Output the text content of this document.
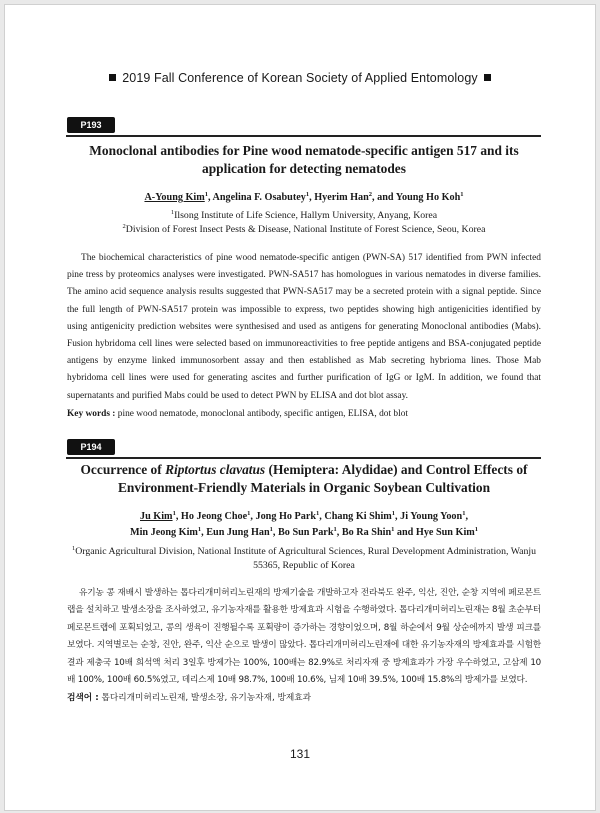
2019 Fall Conference of Korean Society of Applied Entomology
P193
Monoclonal antibodies for Pine wood nematode-specific antigen 517 and its application for detecting nematodes
A-Young Kim$^1$, Angelina F. Osabutey$^1$, Hyerim Han$^2$, and Young Ho Koh$^1$
$^1$Ilsong Institute of Life Science, Hallym University, Anyang, Korea
$^2$Division of Forest Insect Pests & Disease, National Institute of Forest Science, Seou, Korea

The biochemical characteristics of pine wood nematode-specific antigen (PWN-SA) 517 identified from PWN infected pine tress by proteomics analyses were investigated. PWN-SA517 has homologues in various nematodes in diverse families. The amino acid sequence analysis results suggested that PWN-SA517 may be a secreted protein with a signal peptide. Since the full length of PWN-SA517 protein was impossible to express, two peptides showing high antigenicities identified by using antigenicity prediction websites were synthesised and used as antigens for generating Monoclonal antibodies (Mabs). Fusion hybridoma cell lines were selected based on immunoreactivities to free peptide antigens and BSA-conjugated peptide antigens by enzyme linked immunosorbent assay and then established as Mab secreting hybrioma lines. Those Mab hybridoma cell lines were used for generating ascites and further purification of IgG or IgM. In addition, we found that supernatants and purified Mabs could be used to detect PWN by ELISA and dot blot assay.

Key words : pine wood nematode, monoclonal antibody, specific antigen, ELISA, dot blot
P194
Occurrence of Riptortus clavatus (Hemiptera: Alydidae) and Control Effects of Environment-Friendly Materials in Organic Soybean Cultivation
Ju Kim$^1$, Ho Jeong Choe$^1$, Jong Ho Park$^1$, Chang Ki Shim$^1$, Ji Young Yoon$^1$,
Min Jeong Kim$^1$, Eun Jung Han$^1$, Bo Sun Park$^1$, Bo Ra Shin$^1$ and Hye Sun Kim$^1$
$^1$Organic Agricultural Division, National Institute of Agricultural Sciences, Rural Development Administration, Wanju 55365, Republic of Korea

유기농 콩 재배시 발생하는 톱다리개미허리노린재의 방제기술을 개발하고자 전라북도 완주, 익산, 진안, 순창 지역에 페로몬트랩을 설치하고 발생소장을 조사하였고, 유기농자재를 활용한 방제효과 시험을 수행하였다. 톱다리개미허리노린재는 8월 초순부터 페로몬트랩에 포획되었고, 콩의 생육이 진행될수록 포획량이 증가하는 경향이었으며, 8월 하순에서 9월 상순에까지 발생 피크를 보였다. 지역별로는 순창, 진안, 완주, 익산 순으로 발생이 많았다. 톱다리개미허리노린재에 대한 유기농자재의 방제효과를 시험한 결과 제충국 10배 희석액 처리 3일후 방제가는 100%, 100배는 82.9%로 처리자재 중 방제효과가 가장 우수하였고, 고삼제 10배 100%, 100배 60.5%였고, 데리스제 10배 98.7%, 100배 10.6%, 님제 10배 39.5%, 100배 15.8%의 방제가를 보였다.

검색어 : 톱다리개미허리노린재, 발생소장, 유기농자재, 방제효과
131
